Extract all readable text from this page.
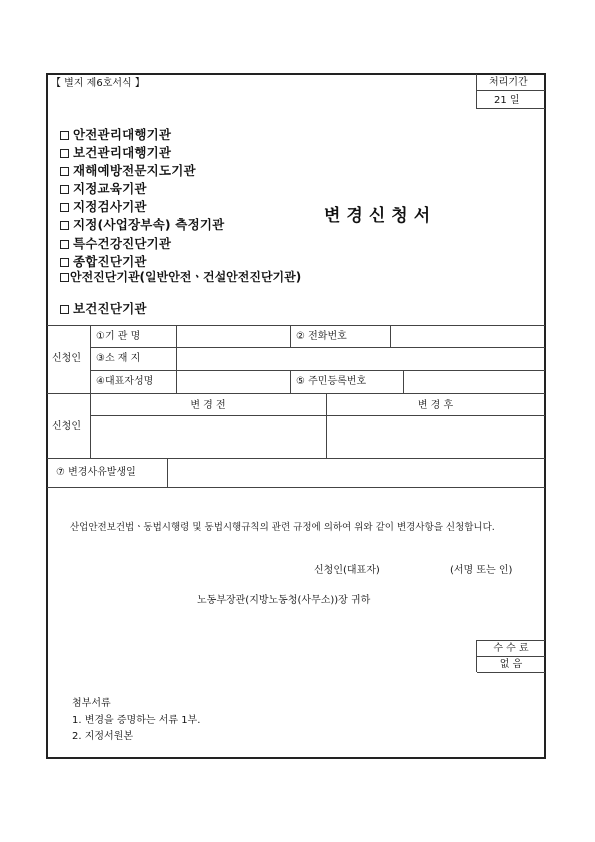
【 별지 제6호서식 】	처리기간
21 일
안전관리대행기관
보건관리대행기관
재해예방전문지도기관
지정교육기관
지정검사기관
지정(사업장부속) 측정기관
특수건강진단기관
종합진단기관
안전진단기관(일반안전ㆍ건설안전진단기관)
보건진단기관
변경신청서
신청인
①기 관 명	② 전화번호
③소 재 지
④대표자성명	⑤ 주민등록번호
신청인
변 경 전	변 경 후
⑦ 변경사유발생일
산업안전보건법ㆍ동법시행령 및 동법시행규칙의 관련 규정에 의하여 위와 같이 변경사항을 신청합니다.
신청인(대표자)	(서명 또는 인)
노동부장관(지방노동청(사무소))장 귀하
수 수 료
없 음
첨부서류
1. 변경을 증명하는 서류 1부.
2. 지정서원본
